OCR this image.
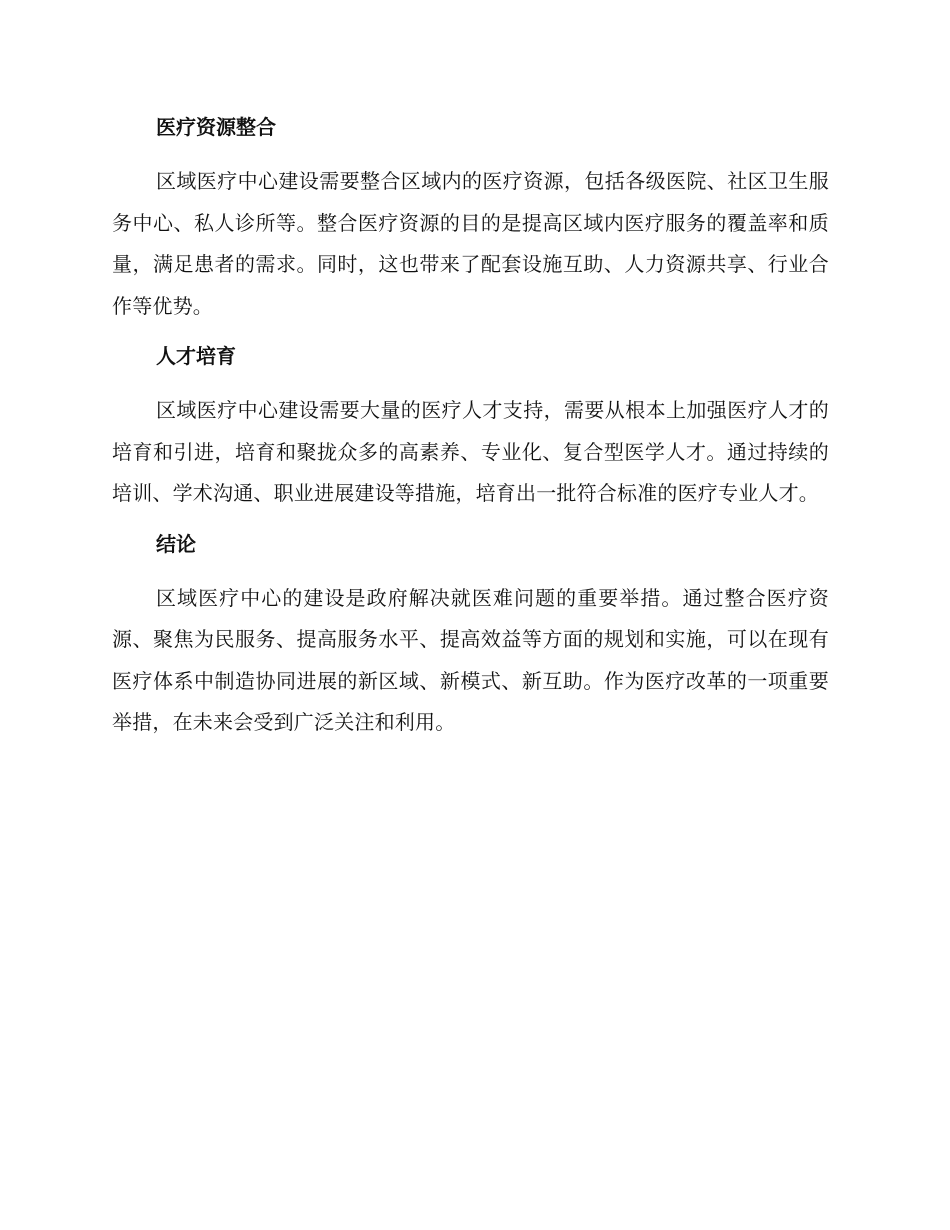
医疗资源整合

区域医疗中心建设需要整合区域内的医疗资源，包括各级医院、社区卫生服务中心、私人诊所等。整合医疗资源的目的是提高区域内医疗服务的覆盖率和质量，满足患者的需求。同时，这也带来了配套设施互助、人力资源共享、行业合作等优势。

人才培育

区域医疗中心建设需要大量的医疗人才支持，需要从根本上加强医疗人才的培育和引进，培育和聚拢众多的高素养、专业化、复合型医学人才。通过持续的培训、学术沟通、职业进展建设等措施，培育出一批符合标准的医疗专业人才。

结论

区域医疗中心的建设是政府解决就医难问题的重要举措。通过整合医疗资源、聚焦为民服务、提高服务水平、提高效益等方面的规划和实施，可以在现有医疗体系中制造协同进展的新区域、新模式、新互助。作为医疗改革的一项重要举措，在未来会受到广泛关注和利用。
